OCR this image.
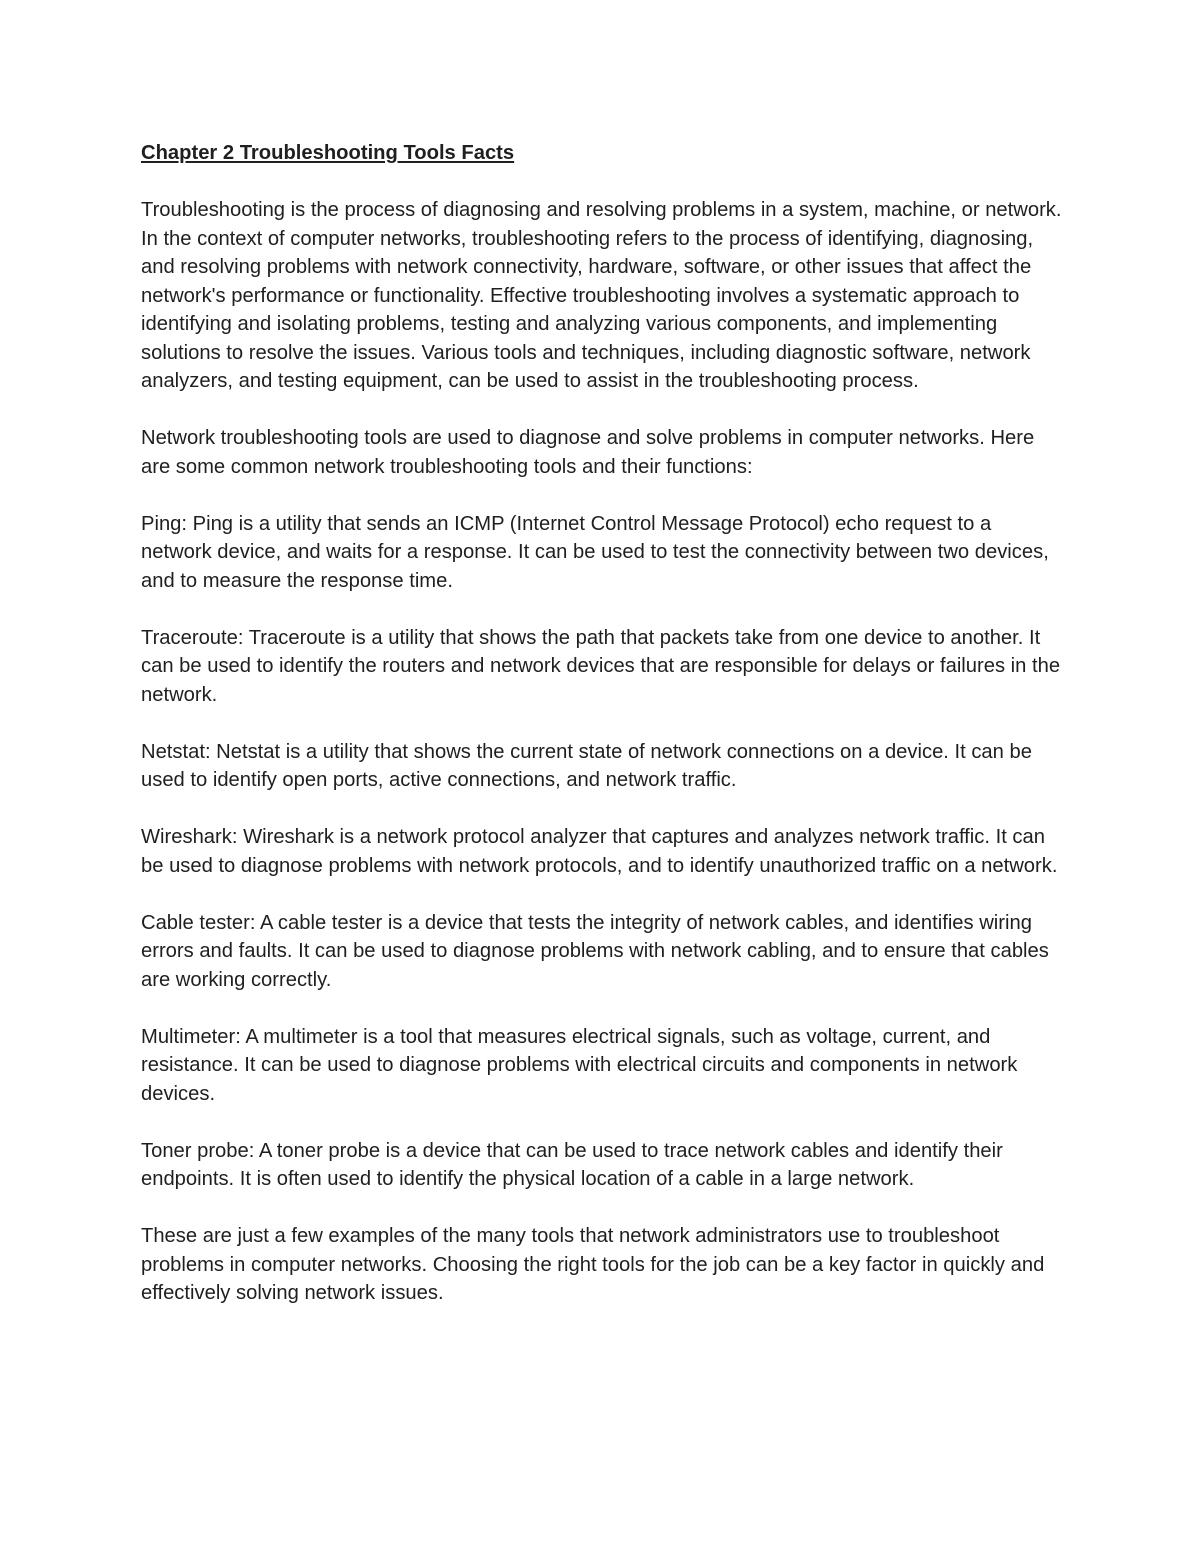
Chapter 2 Troubleshooting Tools Facts

Troubleshooting is the process of diagnosing and resolving problems in a system, machine, or network. In the context of computer networks, troubleshooting refers to the process of identifying, diagnosing, and resolving problems with network connectivity, hardware, software, or other issues that affect the network's performance or functionality. Effective troubleshooting involves a systematic approach to identifying and isolating problems, testing and analyzing various components, and implementing solutions to resolve the issues. Various tools and techniques, including diagnostic software, network analyzers, and testing equipment, can be used to assist in the troubleshooting process.

Network troubleshooting tools are used to diagnose and solve problems in computer networks. Here are some common network troubleshooting tools and their functions:

Ping: Ping is a utility that sends an ICMP (Internet Control Message Protocol) echo request to a network device, and waits for a response. It can be used to test the connectivity between two devices, and to measure the response time.

Traceroute: Traceroute is a utility that shows the path that packets take from one device to another. It can be used to identify the routers and network devices that are responsible for delays or failures in the network.

Netstat: Netstat is a utility that shows the current state of network connections on a device. It can be used to identify open ports, active connections, and network traffic.

Wireshark: Wireshark is a network protocol analyzer that captures and analyzes network traffic. It can be used to diagnose problems with network protocols, and to identify unauthorized traffic on a network.

Cable tester: A cable tester is a device that tests the integrity of network cables, and identifies wiring errors and faults. It can be used to diagnose problems with network cabling, and to ensure that cables are working correctly.

Multimeter: A multimeter is a tool that measures electrical signals, such as voltage, current, and resistance. It can be used to diagnose problems with electrical circuits and components in network devices.

Toner probe: A toner probe is a device that can be used to trace network cables and identify their endpoints. It is often used to identify the physical location of a cable in a large network.

These are just a few examples of the many tools that network administrators use to troubleshoot problems in computer networks. Choosing the right tools for the job can be a key factor in quickly and effectively solving network issues.
